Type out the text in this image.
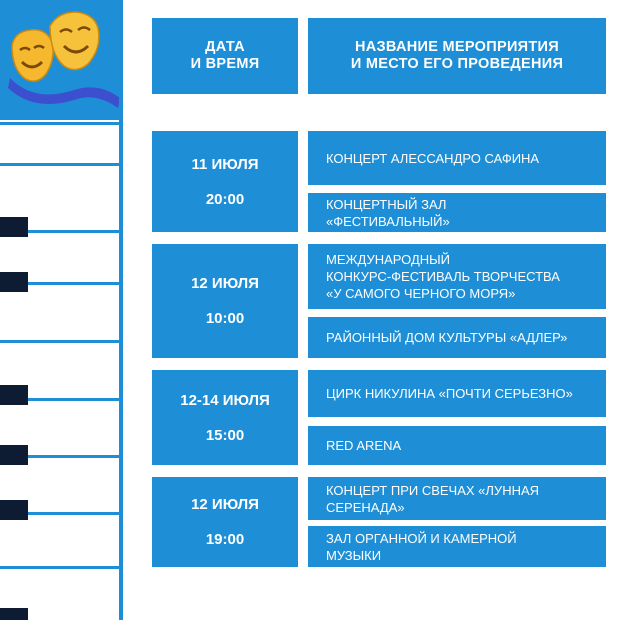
ДАТА
И ВРЕМЯ
НАЗВАНИЕ МЕРОПРИЯТИЯ
И МЕСТО ЕГО ПРОВЕДЕНИЯ
11 ИЮЛЯ
20:00
КОНЦЕРТ АЛЕССАНДРО САФИНА
КОНЦЕРТНЫЙ ЗАЛ
«ФЕСТИВАЛЬНЫЙ»
12 ИЮЛЯ
10:00
МЕЖДУНАРОДНЫЙ
КОНКУРС-ФЕСТИВАЛЬ ТВОРЧЕСТВА
«У САМОГО ЧЕРНОГО МОРЯ»
РАЙОННЫЙ ДОМ КУЛЬТУРЫ «АДЛЕР»
12-14 ИЮЛЯ
15:00
ЦИРК НИКУЛИНА «ПОЧТИ СЕРЬЕЗНО»
RED ARENA
12 ИЮЛЯ
19:00
КОНЦЕРТ ПРИ СВЕЧАХ «ЛУННАЯ
СЕРЕНАДА»
ЗАЛ ОРГАННОЙ И КАМЕРНОЙ
МУЗЫКИ
